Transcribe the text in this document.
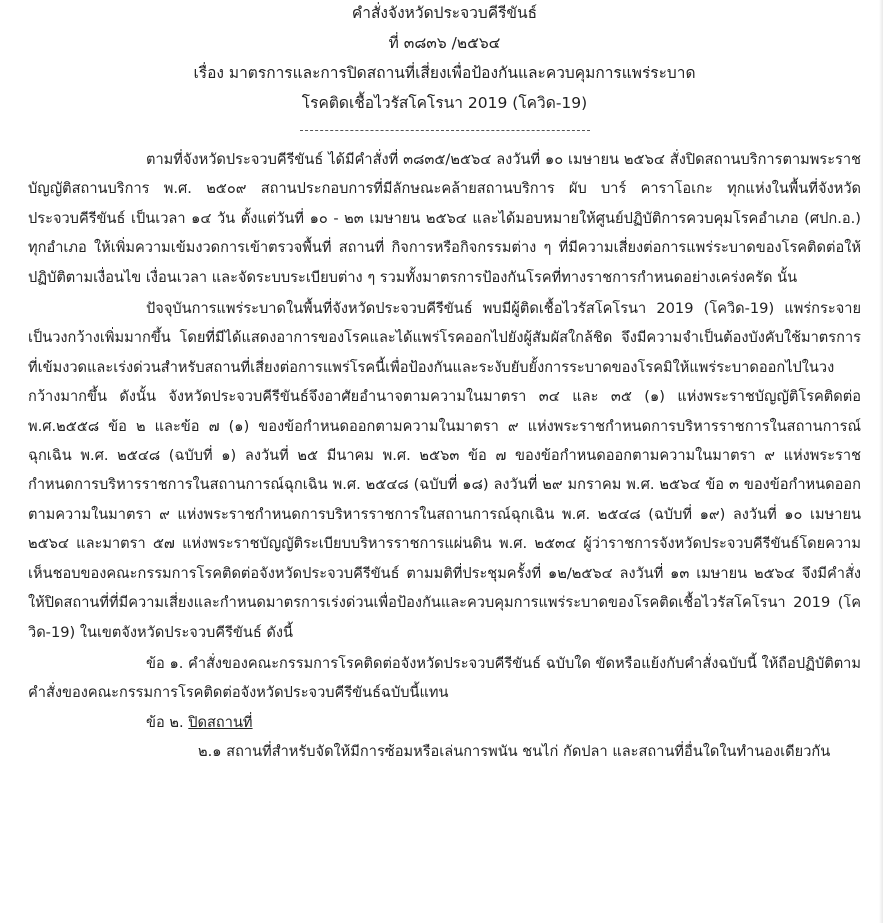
คำสั่งจังหวัดประจวบคีรีขันธ์
ที่ ๓๘๓๖ /๒๕๖๔
เรื่อง มาตรการและการปิดสถานที่เสี่ยงเพื่อป้องกันและควบคุมการแพร่ระบาด
โรคติดเชื้อไวรัสโคโรนา 2019 (โควิด-19)

ตามที่จังหวัดประจวบคีรีขันธ์ ได้มีคำสั่งที่ ๓๘๓๕/๒๕๖๔ ลงวันที่ ๑๐ เมษายน ๒๕๖๔ สั่งปิดสถานบริการตามพระราชบัญญัติสถานบริการ พ.ศ. ๒๕๐๙ สถานประกอบการที่มีลักษณะคล้ายสถานบริการ ผับ บาร์ คาราโอเกะ ทุกแห่งในพื้นที่จังหวัดประจวบคีรีขันธ์ เป็นเวลา ๑๔ วัน ตั้งแต่วันที่ ๑๐ - ๒๓ เมษายน ๒๕๖๔ และได้มอบหมายให้ศูนย์ปฏิบัติการควบคุมโรคอำเภอ (ศปก.อ.) ทุกอำเภอ ให้เพิ่มความเข้มงวดการเข้าตรวจพื้นที่ สถานที่ กิจการหรือกิจกรรมต่าง ๆ ที่มีความเสี่ยงต่อการแพร่ระบาดของโรคติดต่อให้ปฏิบัติตามเงื่อนไข เงื่อนเวลา และจัดระบบระเบียบต่าง ๆ รวมทั้งมาตรการป้องกันโรคที่ทางราชการกำหนดอย่างเคร่งครัด นั้น

ปัจจุบันการแพร่ระบาดในพื้นที่จังหวัดประจวบคีรีขันธ์ พบมีผู้ติดเชื้อไวรัสโคโรนา 2019 (โควิด-19) แพร่กระจายเป็นวงกว้างเพิ่มมากขึ้น โดยที่มีได้แสดงอาการของโรคและได้แพร่โรคออกไปยังผู้สัมผัสใกล้ชิด จึงมีความจำเป็นต้องบังคับใช้มาตรการที่เข้มงวดและเร่งด่วนสำหรับสถานที่เสี่ยงต่อการแพร่โรคนี้เพื่อป้องกันและระงับยับยั้งการระบาดของโรคมิให้แพร่ระบาดออกไปในวงกว้างมากขึ้น ดังนั้น จังหวัดประจวบคีรีขันธ์จึงอาศัยอำนาจตามความในมาตรา ๓๔ และ ๓๕ (๑) แห่งพระราชบัญญัติโรคติดต่อ พ.ศ.๒๕๕๘ ข้อ ๒ และข้อ ๗ (๑) ของข้อกำหนดออกตามความในมาตรา ๙ แห่งพระราชกำหนดการบริหารราชการในสถานการณ์ฉุกเฉิน พ.ศ. ๒๕๔๘ (ฉบับที่ ๑) ลงวันที่ ๒๕ มีนาคม พ.ศ. ๒๕๖๓ ข้อ ๗ ของข้อกำหนดออกตามความในมาตรา ๙ แห่งพระราชกำหนดการบริหารราชการในสถานการณ์ฉุกเฉิน พ.ศ. ๒๕๔๘ (ฉบับที่ ๑๘) ลงวันที่ ๒๙ มกราคม พ.ศ. ๒๕๖๔ ข้อ ๓ ของข้อกำหนดออกตามความในมาตรา ๙ แห่งพระราชกำหนดการบริหารราชการในสถานการณ์ฉุกเฉิน พ.ศ. ๒๕๔๘ (ฉบับที่ ๑๙) ลงวันที่ ๑๐ เมษายน ๒๕๖๔ และมาตรา ๕๗ แห่งพระราชบัญญัติระเบียบบริหารราชการแผ่นดิน พ.ศ. ๒๕๓๔ ผู้ว่าราชการจังหวัดประจวบคีรีขันธ์โดยความเห็นชอบของคณะกรรมการโรคติดต่อจังหวัดประจวบคีรีขันธ์ ตามมติที่ประชุมครั้งที่ ๑๒/๒๕๖๔ ลงวันที่ ๑๓ เมษายน ๒๕๖๔ จึงมีคำสั่งให้ปิดสถานที่ที่มีความเสี่ยงและกำหนดมาตรการเร่งด่วนเพื่อป้องกันและควบคุมการแพร่ระบาดของโรคติดเชื้อไวรัสโคโรนา 2019 (โควิด-19) ในเขตจังหวัดประจวบคีรีขันธ์ ดังนี้

ข้อ ๑. คำสั่งของคณะกรรมการโรคติดต่อจังหวัดประจวบคีรีขันธ์ ฉบับใด ขัดหรือแย้งกับคำสั่งฉบับนี้ ให้ถือปฏิบัติตามคำสั่งของคณะกรรมการโรคติดต่อจังหวัดประจวบคีรีขันธ์ฉบับนี้แทน

ข้อ ๒. ปิดสถานที่

๒.๑ สถานที่สำหรับจัดให้มีการซ้อมหรือเล่นการพนัน ชนไก่ กัดปลา และสถานที่อื่นใดในทำนองเดียวกัน
